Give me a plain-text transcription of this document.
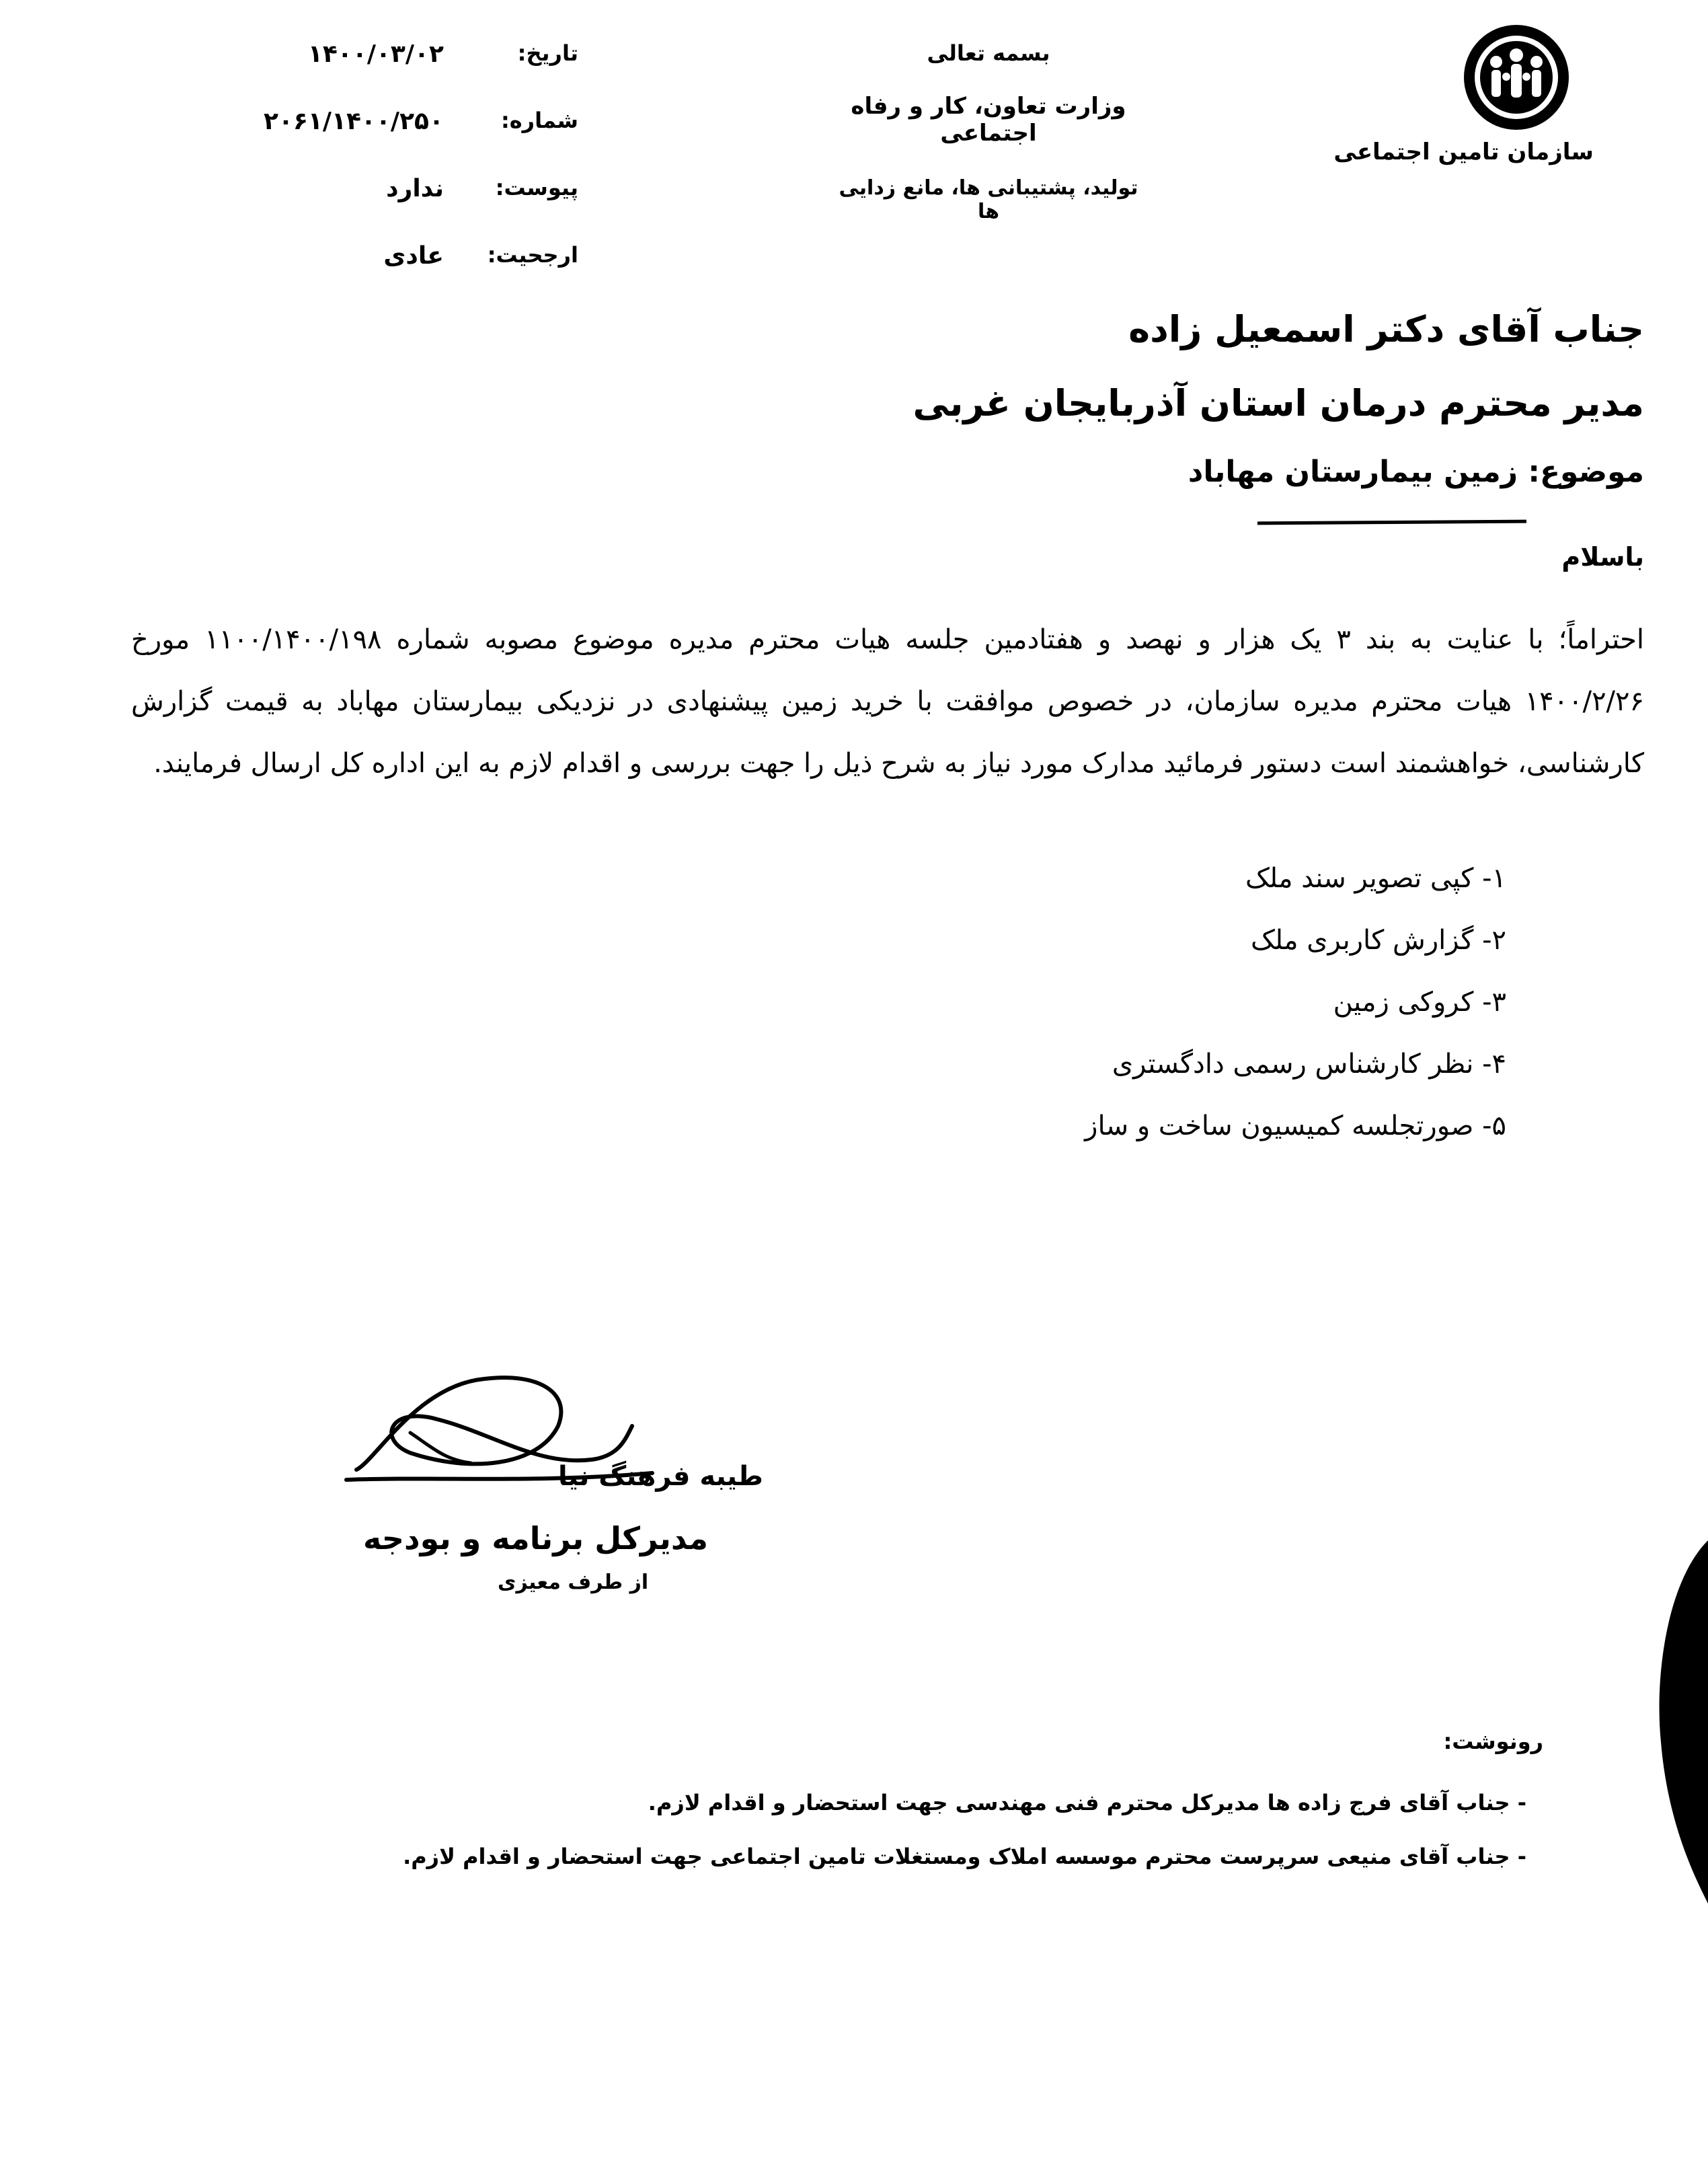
سازمان تامین اجتماعی
بسمه تعالی
وزارت تعاون، کار و رفاه اجتماعی
تولید، پشتیبانی ها، مانع زدایی ها
تاریخ:
۱۴۰۰/۰۳/۰۲
شماره:
۲۰۶۱/۱۴۰۰/۲۵۰
پیوست:
ندارد
ارجحیت:
عادی
جناب آقای دکتر اسمعیل زاده
مدیر محترم درمان استان آذربایجان غربی
موضوع: زمین بیمارستان مهاباد
باسلام
احتراماً؛ با عنایت به بند ۳ یک هزار و نهصد و هفتادمین جلسه هیات محترم مدیره موضوع مصوبه شماره ۱۱۰۰/۱۴۰۰/۱۹۸ مورخ ۱۴۰۰/۲/۲۶ هیات محترم مدیره سازمان، در خصوص موافقت با خرید زمین پیشنهادی در نزدیکی بیمارستان مهاباد به قیمت گزارش کارشناسی، خواهشمند است دستور فرمائید مدارک مورد نیاز به شرح ذیل را جهت بررسی و اقدام لازم به این اداره کل ارسال فرمایند.
۱- کپی تصویر سند ملک
۲- گزارش کاربری ملک
۳- کروکی زمین
۴- نظر کارشناس رسمی دادگستری
۵- صورتجلسه کمیسیون ساخت و ساز
طیبه فرهنگ نیا
مدیرکل برنامه و بودجه
از طرف معیزی
رونوشت:
- جناب آقای فرج زاده ها مدیرکل محترم فنی مهندسی جهت استحضار و اقدام لازم.
- جناب آقای منیعی سرپرست محترم موسسه املاک ومستغلات تامین اجتماعی جهت استحضار و اقدام لازم.
